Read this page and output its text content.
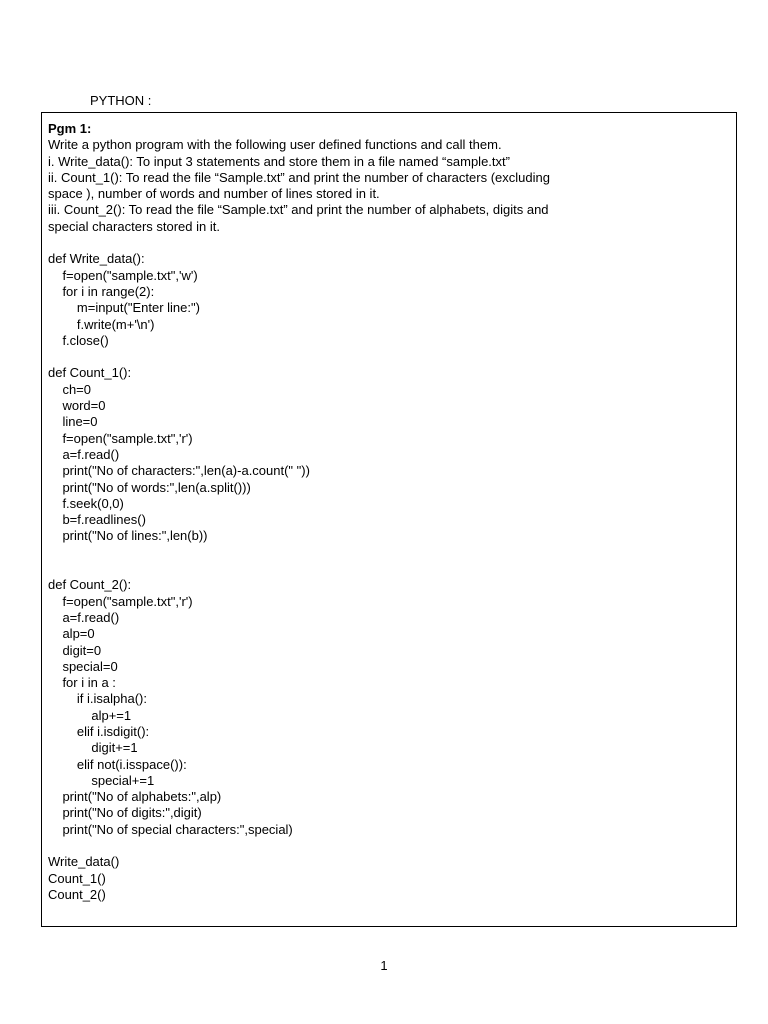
PYTHON :
Pgm 1:
Write a python program with the following user defined functions and call them.
i. Write_data(): To input 3 statements and store them in a file named “sample.txt”
ii. Count_1(): To read the file “Sample.txt” and print the number of characters (excluding
space ), number of words and number of lines stored in it.
iii. Count_2(): To read the file “Sample.txt” and print the number of alphabets, digits and
special characters stored in it.
def Write_data():
f=open("sample.txt",'w')
for i in range(2):
m=input("Enter line:")
f.write(m+'\n')
f.close()
def Count_1():
ch=0
word=0
line=0
f=open("sample.txt",'r')
a=f.read()
print("No of characters:",len(a)-a.count(" "))
print("No of words:",len(a.split()))
f.seek(0,0)
b=f.readlines()
print("No of lines:",len(b))
def Count_2():
f=open("sample.txt",'r')
a=f.read()
alp=0
digit=0
special=0
for i in a :
if i.isalpha():
alp+=1
elif i.isdigit():
digit+=1
elif not(i.isspace()):
special+=1
print("No of alphabets:",alp)
print("No of digits:",digit)
print("No of special characters:",special)
Write_data()
Count_1()
Count_2()
1
